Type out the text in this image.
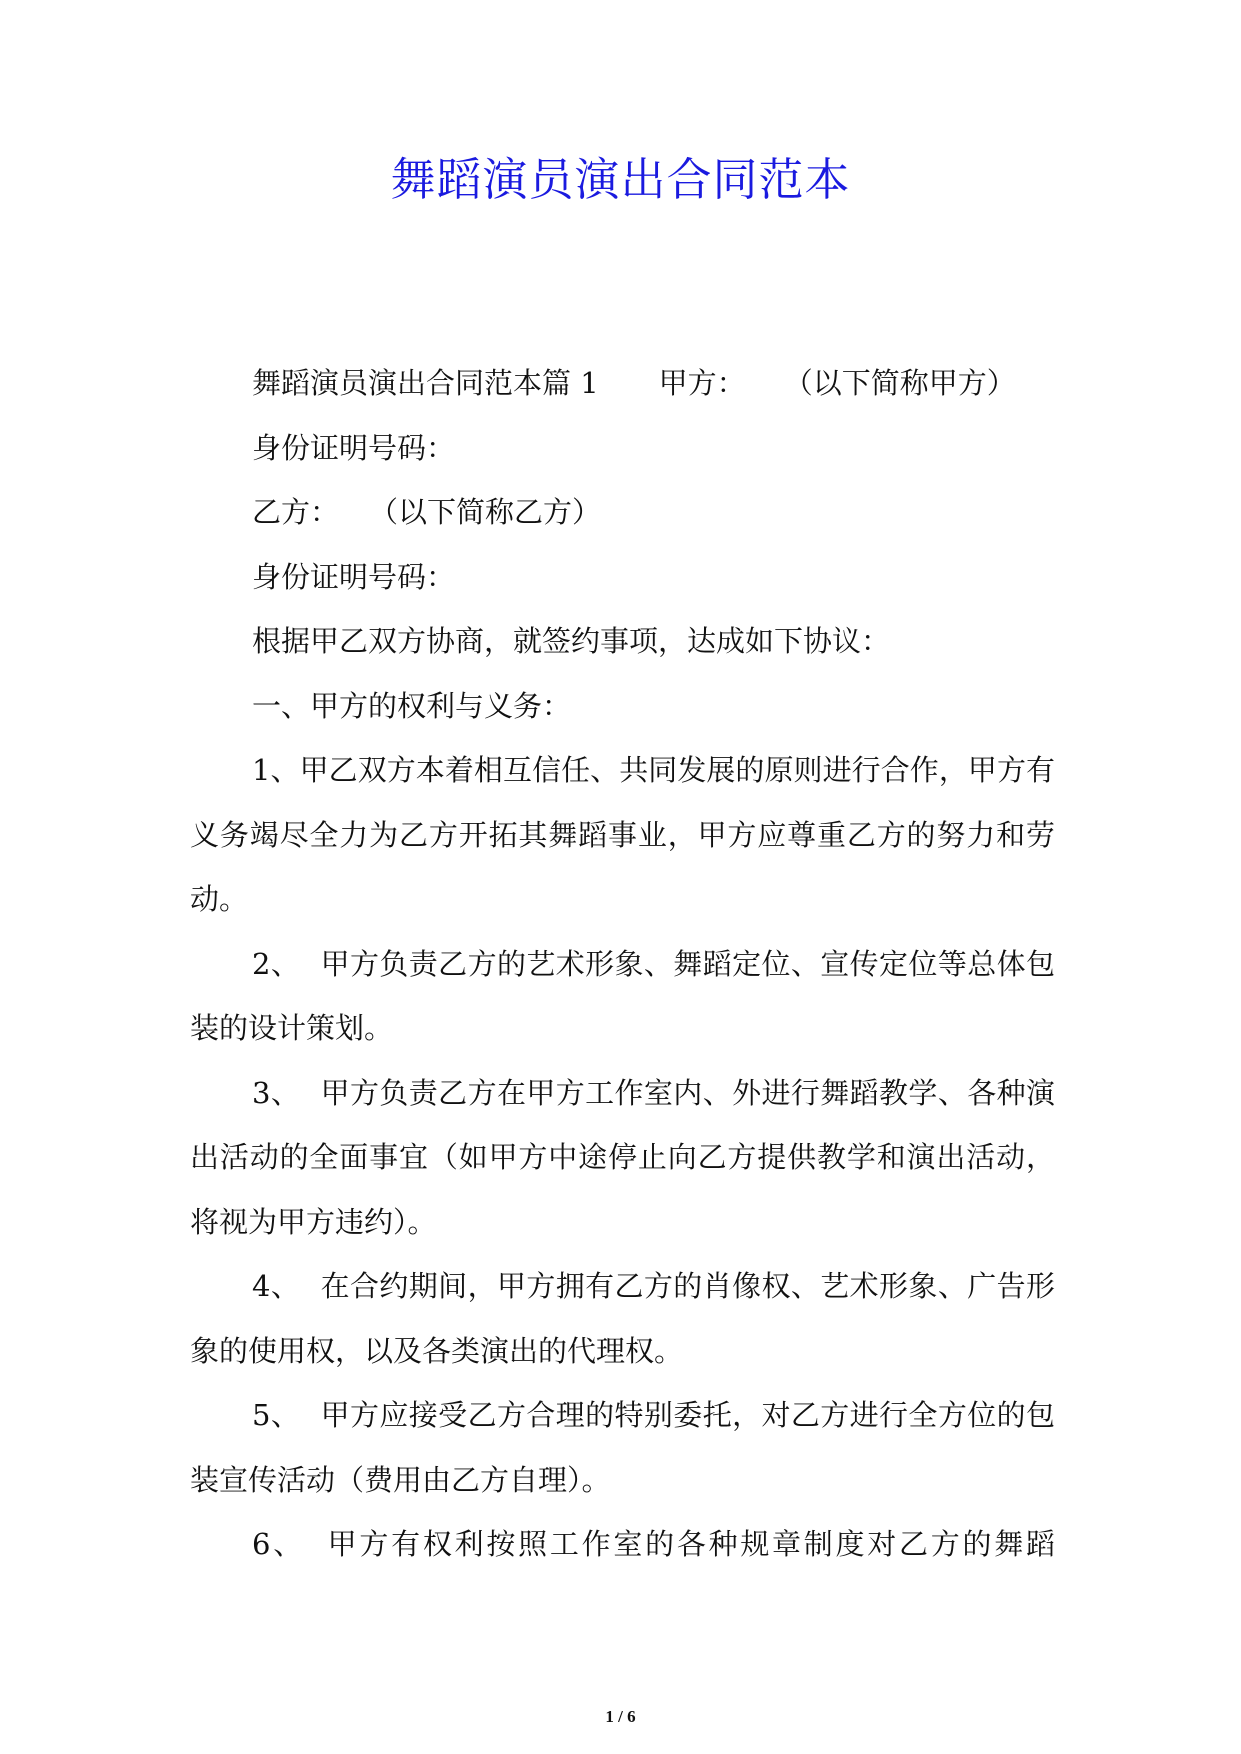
舞蹈演员演出合同范本

舞蹈演员演出合同范本篇 1 甲方： （以下简称甲方）

身份证明号码：

乙方： （以下简称乙方）

身份证明号码：

根据甲乙双方协商，就签约事项，达成如下协议：

一、甲方的权利与义务：

1、甲乙双方本着相互信任、共同发展的原则进行合作，甲方有义务竭尽全力为乙方开拓其舞蹈事业，甲方应尊重乙方的努力和劳动。

2、 甲方负责乙方的艺术形象、舞蹈定位、宣传定位等总体包装的设计策划。

3、 甲方负责乙方在甲方工作室内、外进行舞蹈教学、各种演出活动的全面事宜（如甲方中途停止向乙方提供教学和演出活动，将视为甲方违约）。

4、 在合约期间，甲方拥有乙方的肖像权、艺术形象、广告形象的使用权，以及各类演出的代理权。

5、 甲方应接受乙方合理的特别委托，对乙方进行全方位的包装宣传活动（费用由乙方自理）。

6、 甲方有权利按照工作室的各种规章制度对乙方的舞蹈

1 / 6
